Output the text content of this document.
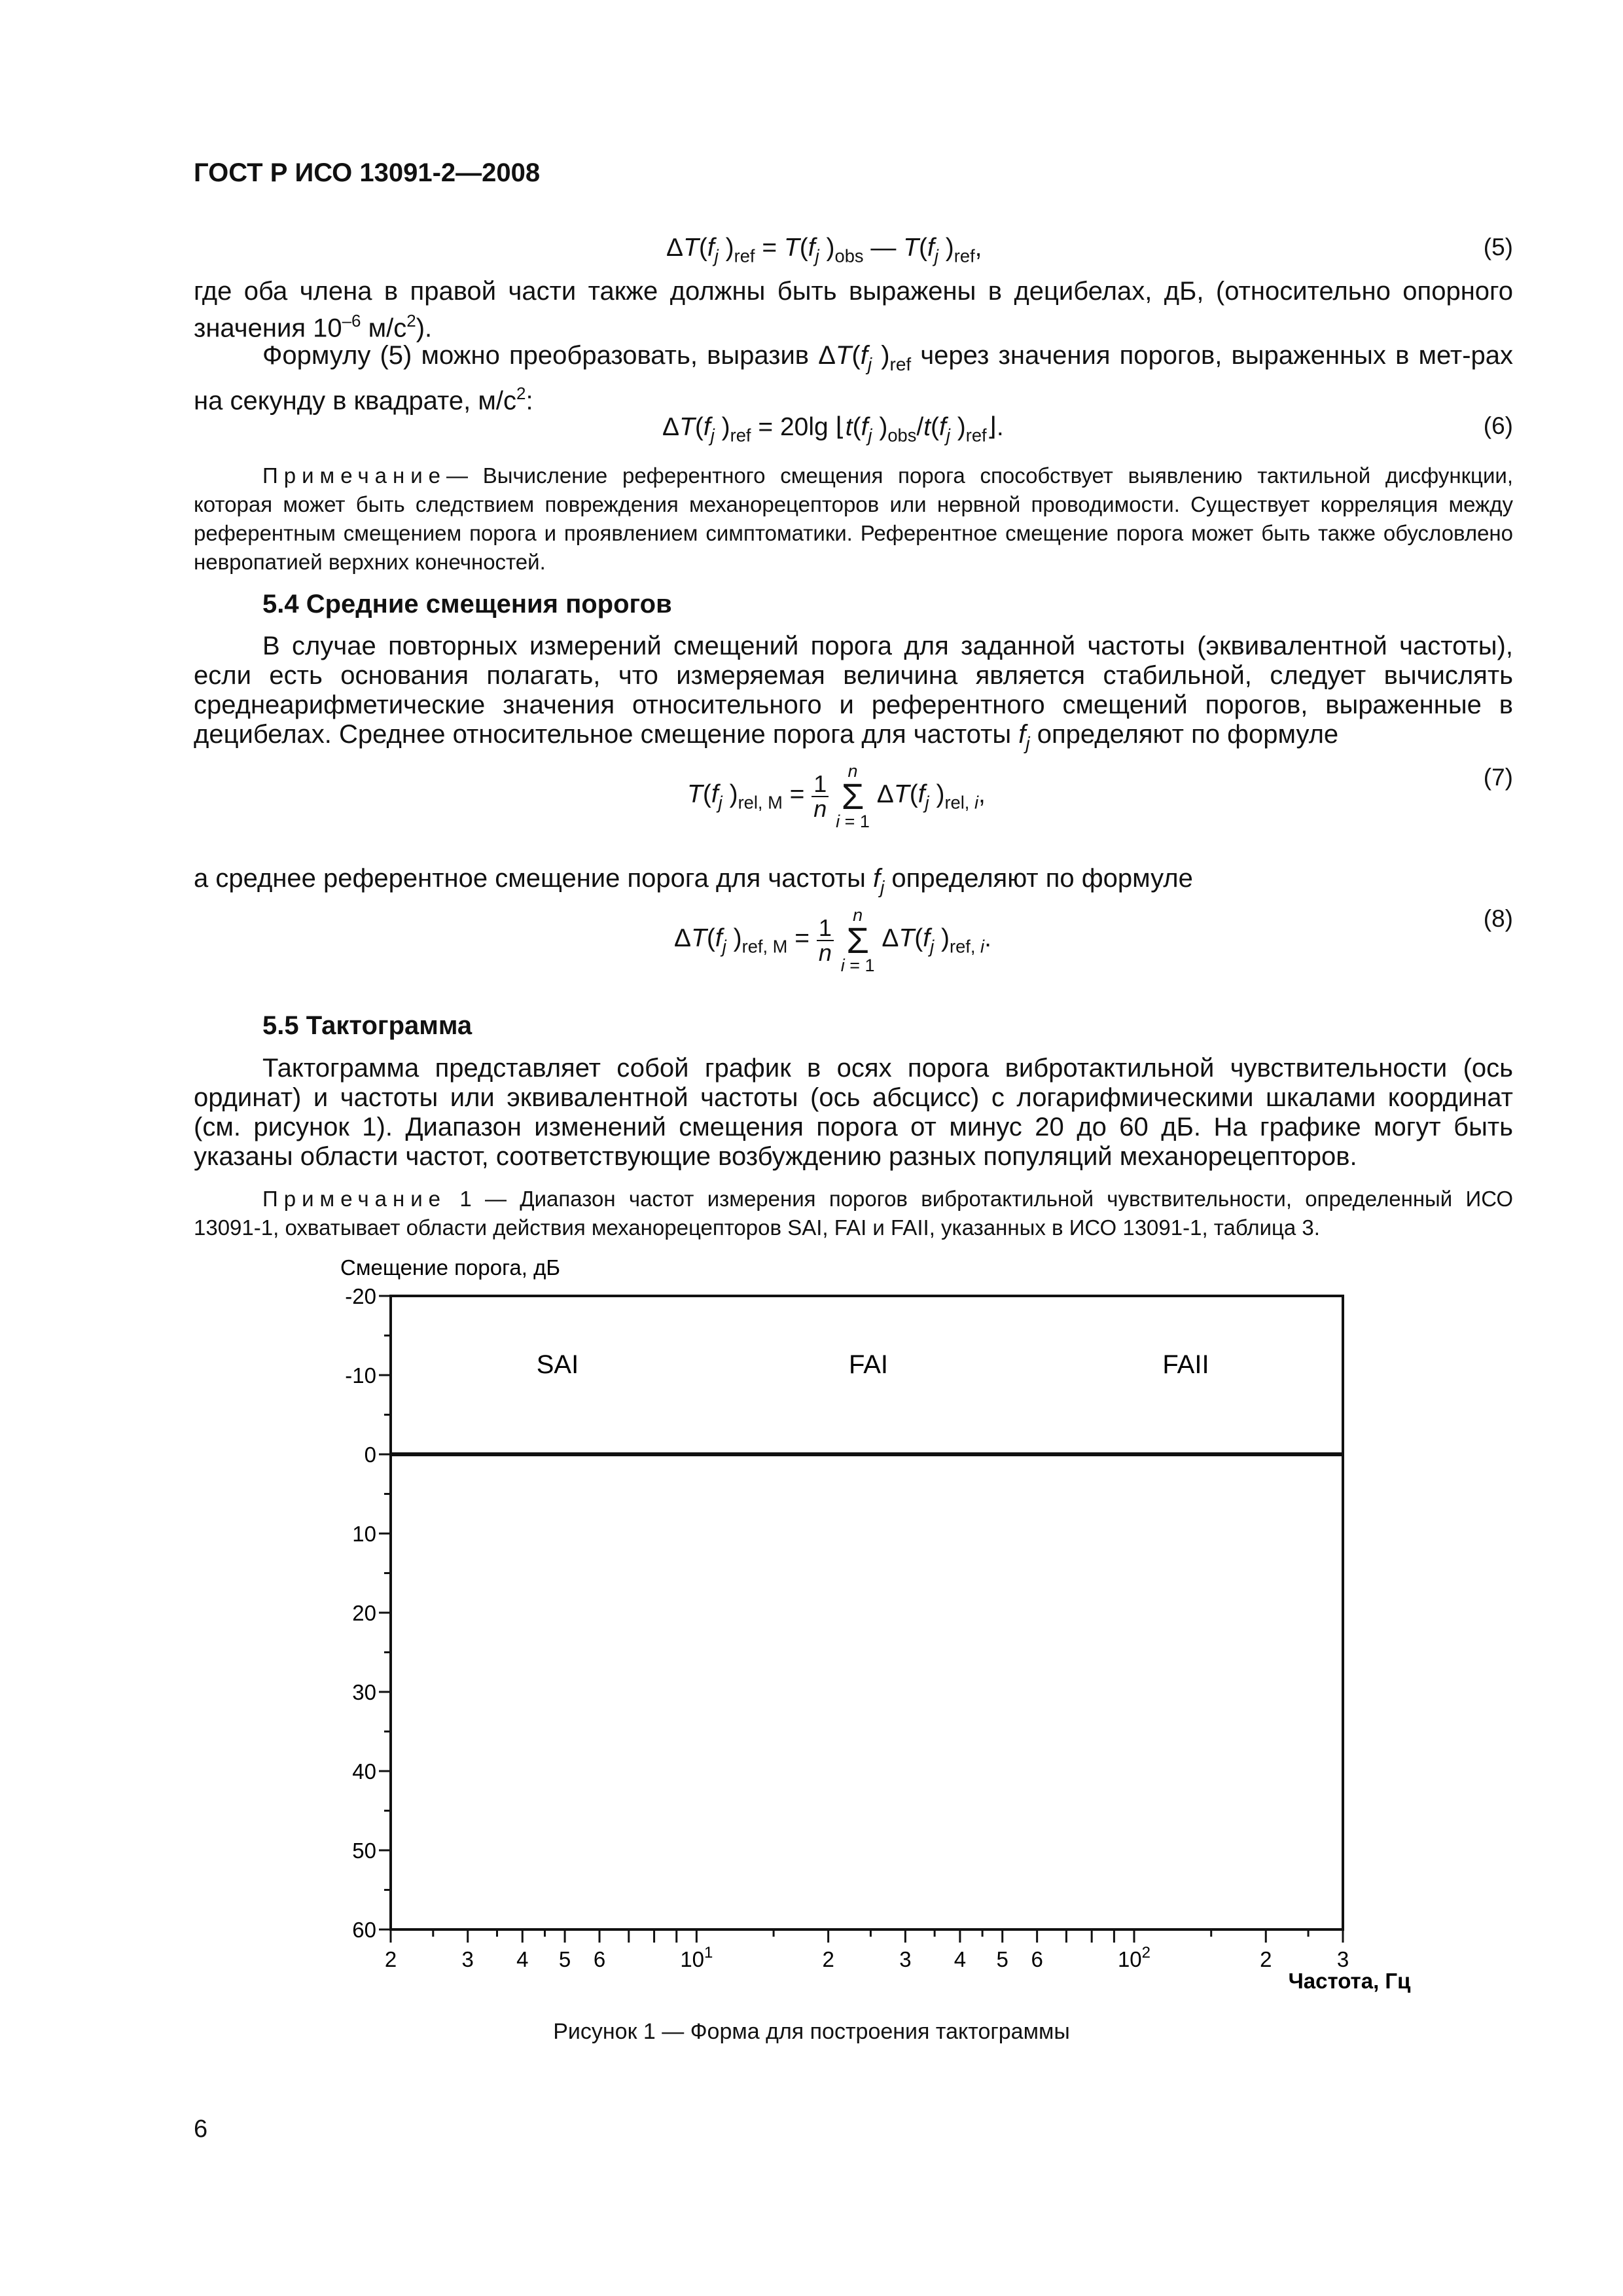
ГОСТ Р ИСО 13091-2—2008
$\Delta T(f_j$ )$_{ref} = T(f_j$ )$_{obs}$ — $T(f_j$ )$_{ref}$,	(5)
где оба члена в правой части также должны быть выражены в децибелах, дБ, (относительно опорного значения $10^{-6}$ $м/с^2$).
Формулу (5) можно преобразовать, выразив $\Delta T(f_j$ )$_{ref}$ через значения порогов, выраженных в мет-рах на секунду в квадрате, $м/с^2$:
$\Delta T(f_j$ )$_{ref} = 20\lg$ $⌊t(f_j$ )$_{obs}/t(f_j$ )$_{ref}⌋$.	(6)
Примечание— Вычисление референтного смещения порога способствует выявлению тактильной дисфункции, которая может быть следствием повреждения механорецепторов или нервной проводимости. Существует корреляция между референтным смещением порога и проявлением симптоматики. Референтное смещение порога может быть также обусловлено невропатией верхних конечностей.
5.4 Средние смещения порогов
В случае повторных измерений смещений порога для заданной частоты (эквивалентной частоты), если есть основания полагать, что измеряемая величина является стабильной, следует вычислять среднеарифметические значения относительного и референтного смещений порогов, выраженные в децибелах. Среднее относительное смещение порога для частоты $f_j$ определяют по формуле
$T(f_j$ )$_{rel, M} = \frac{1}{n}$

n
Σ
i = 1
$\Delta T(f_j$ )$_{rel, i}$,
(7)
а среднее референтное смещение порога для частоты $f_j$ определяют по формуле
$\Delta T(f_j$ )$_{ref, M} = \frac{1}{n}$

n
Σ
i = 1
$\Delta T(f_j$ )$_{ref, i}$.
(8)
5.5 Тактограмма
Тактограмма представляет собой график в осях порога вибротактильной чувствительности (ось ординат) и частоты или эквивалентной частоты (ось абсцисс) с логарифмическими шкалами координат (см. рисунок 1). Диапазон изменений смещения порога от минус 20 до 60 дБ. На графике могут быть указаны области частот, соответствующие возбуждению разных популяций механорецепторов.
Примечание 1 — Диапазон частот измерения порогов вибротактильной чувствительности, определенный ИСО 13091-1, охватывает области действия механорецепторов SAI, FAI и FAII, указанных в ИСО 13091-1, таблица 3.
Смещение порога, дБ
Частота, Гц
-20
-10
0
10
20
30
40
50
60
2	3 4 5 6	$10^1$	2	3 4 5 6	$10^2$	2	3
SAI	FAI	FAII
Рисунок 1 — Форма для построения тактограммы
6
